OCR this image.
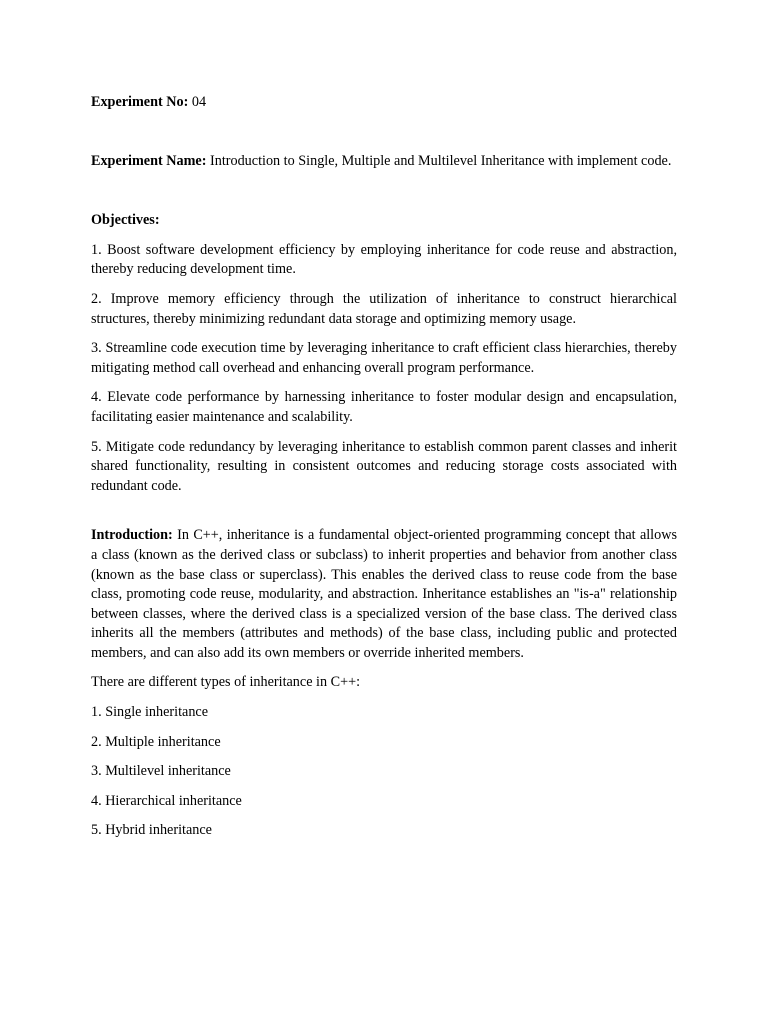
Experiment No: 04

Experiment Name: Introduction to Single, Multiple and Multilevel Inheritance with implement code.

Objectives:

1. Boost software development efficiency by employing inheritance for code reuse and abstraction, thereby reducing development time.

2. Improve memory efficiency through the utilization of inheritance to construct hierarchical structures, thereby minimizing redundant data storage and optimizing memory usage.

3. Streamline code execution time by leveraging inheritance to craft efficient class hierarchies, thereby mitigating method call overhead and enhancing overall program performance.

4. Elevate code performance by harnessing inheritance to foster modular design and encapsulation, facilitating easier maintenance and scalability.

5. Mitigate code redundancy by leveraging inheritance to establish common parent classes and inherit shared functionality, resulting in consistent outcomes and reducing storage costs associated with redundant code.

Introduction: In C++, inheritance is a fundamental object-oriented programming concept that allows a class (known as the derived class or subclass) to inherit properties and behavior from another class (known as the base class or superclass). This enables the derived class to reuse code from the base class, promoting code reuse, modularity, and abstraction. Inheritance establishes an "is-a" relationship between classes, where the derived class is a specialized version of the base class. The derived class inherits all the members (attributes and methods) of the base class, including public and protected members, and can also add its own members or override inherited members.

There are different types of inheritance in C++:

1. Single inheritance

2. Multiple inheritance

3. Multilevel inheritance

4. Hierarchical inheritance

5. Hybrid inheritance
